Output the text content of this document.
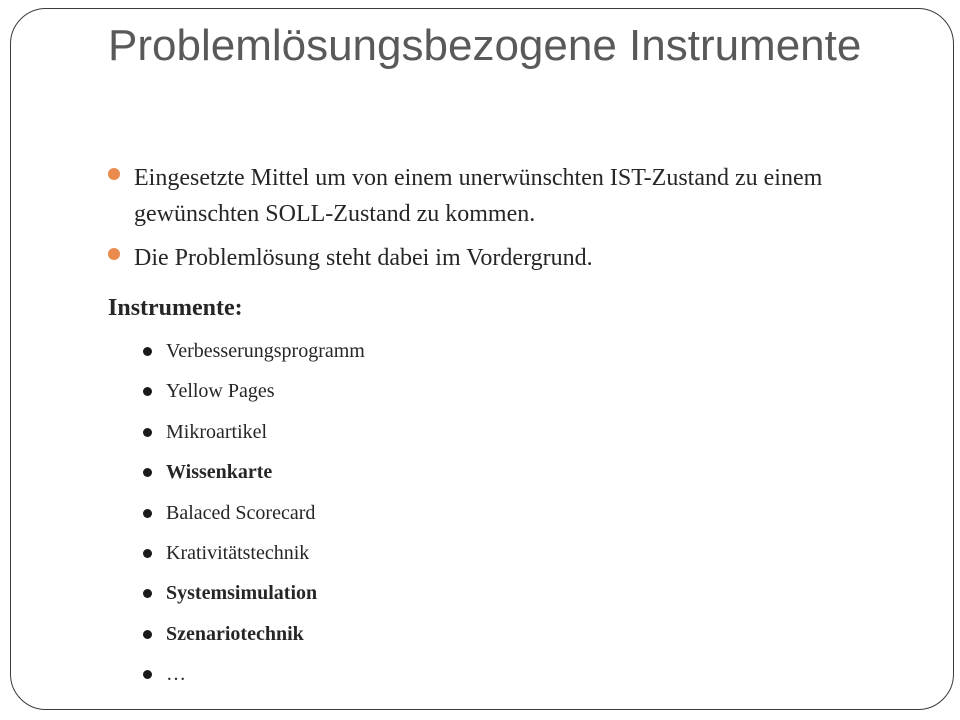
Problemlösungsbezogene Instrumente
Eingesetzte Mittel um von einem unerwünschten IST-Zustand zu einem gewünschten SOLL-Zustand zu kommen.
Die Problemlösung steht dabei im Vordergrund.
Instrumente:
Verbesserungsprogramm
Yellow Pages
Mikroartikel
Wissenkarte
Balaced Scorecard
Krativitätstechnik
Systemsimulation
Szenariotechnik
…
